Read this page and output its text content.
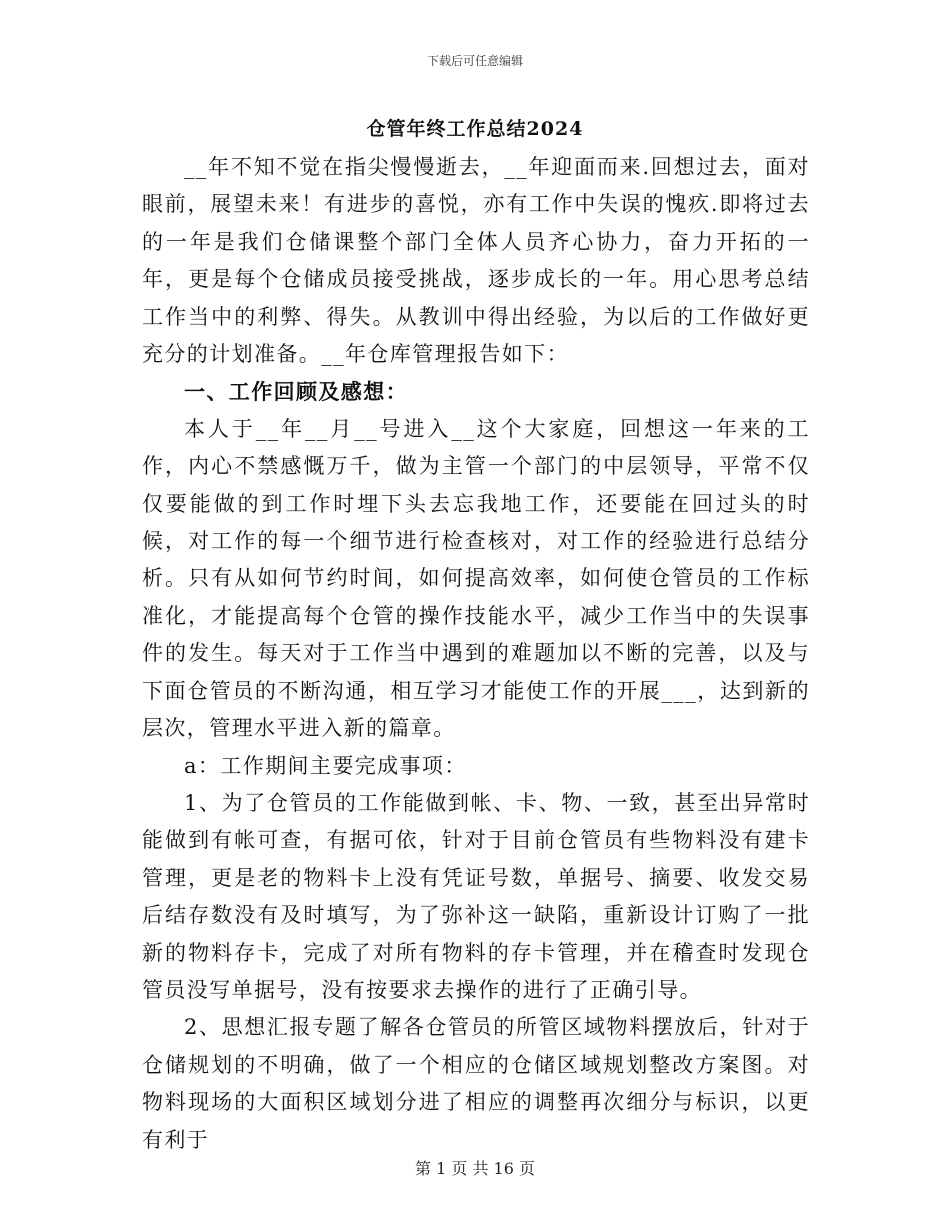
下载后可任意编辑
仓管年终工作总结2024

__年不知不觉在指尖慢慢逝去，__年迎面而来.回想过去，面对眼前，展望未来！有进步的喜悦，亦有工作中失误的愧疚.即将过去的一年是我们仓储课整个部门全体人员齐心协力，奋力开拓的一年，更是每个仓储成员接受挑战，逐步成长的一年。用心思考总结工作当中的利弊、得失。从教训中得出经验，为以后的工作做好更充分的计划准备。__年仓库管理报告如下：

一、工作回顾及感想：

本人于__年__月__号进入__这个大家庭，回想这一年来的工作，内心不禁感慨万千，做为主管一个部门的中层领导，平常不仅仅要能做的到工作时埋下头去忘我地工作，还要能在回过头的时候，对工作的每一个细节进行检查核对，对工作的经验进行总结分析。只有从如何节约时间，如何提高效率，如何使仓管员的工作标准化，才能提高每个仓管的操作技能水平，减少工作当中的失误事件的发生。每天对于工作当中遇到的难题加以不断的完善，以及与下面仓管员的不断沟通，相互学习才能使工作的开展___，达到新的层次，管理水平进入新的篇章。

a：工作期间主要完成事项：

1、为了仓管员的工作能做到帐、卡、物、一致，甚至出异常时能做到有帐可查，有据可依，针对于目前仓管员有些物料没有建卡管理，更是老的物料卡上没有凭证号数，单据号、摘要、收发交易后结存数没有及时填写，为了弥补这一缺陷，重新设计订购了一批新的物料存卡，完成了对所有物料的存卡管理，并在稽查时发现仓管员没写单据号，没有按要求去操作的进行了正确引导。

2、思想汇报专题了解各仓管员的所管区域物料摆放后，针对于仓储规划的不明确，做了一个相应的仓储区域规划整改方案图。对物料现场的大面积区域划分进了相应的调整再次细分与标识，以更有利于

第 1 页 共 16 页
